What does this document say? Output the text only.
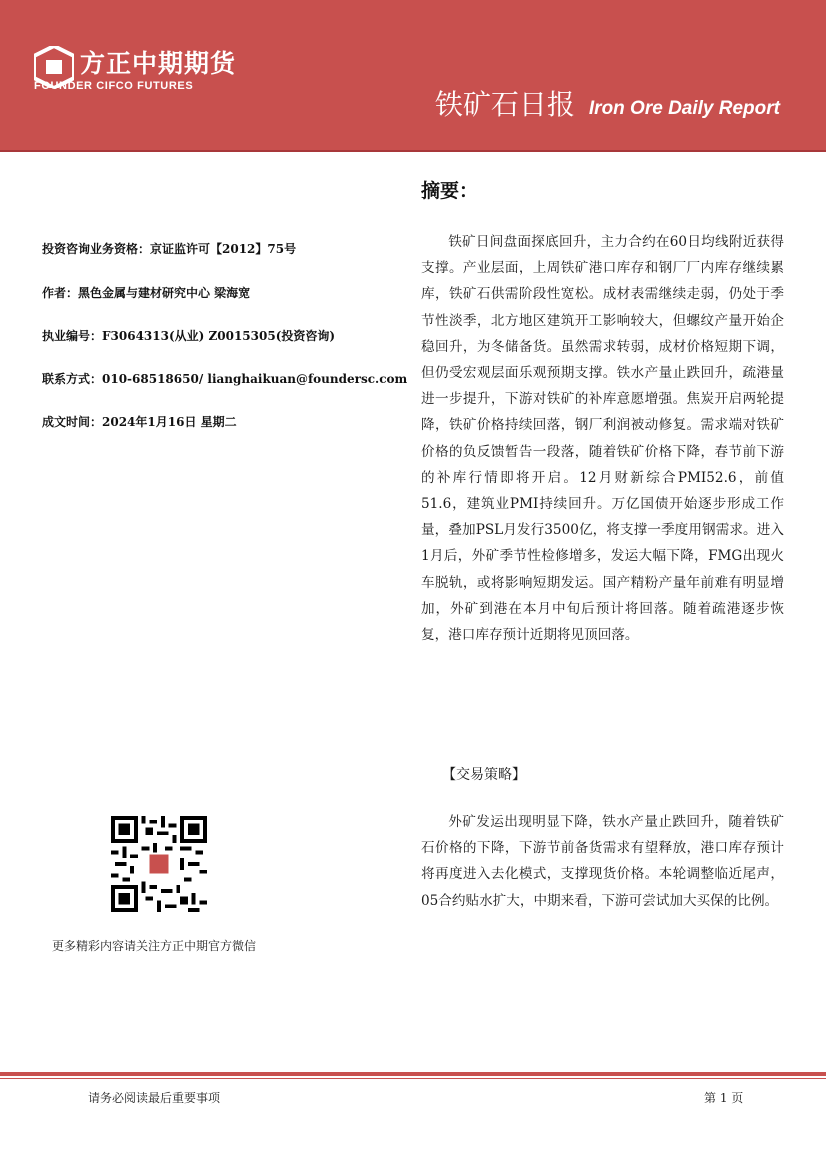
方正中期期货
FOUNDER CIFCO FUTURES
铁矿石日报 Iron Ore Daily Report
摘要：
投资咨询业务资格：京证监许可【2012】75号
作者：黑色金属与建材研究中心 梁海宽
执业编号：F3064313(从业) Z0015305(投资咨询)
联系方式：010-68518650/ lianghaikuan@foundersc.com
成文时间：2024年1月16日 星期二

铁矿日间盘面探底回升，主力合约在60日均线附近获得支撑。产业层面，上周铁矿港口库存和钢厂厂内库存继续累库，铁矿石供需阶段性宽松。成材表需继续走弱，仍处于季节性淡季，北方地区建筑开工影响较大，但螺纹产量开始企稳回升，为冬储备货。虽然需求转弱，成材价格短期下调，但仍受宏观层面乐观预期支撑。铁水产量止跌回升，疏港量进一步提升，下游对铁矿的补库意愿增强。焦炭开启两轮提降，铁矿价格持续回落，钢厂利润被动修复。需求端对铁矿价格的负反馈暂告一段落，随着铁矿价格下降，春节前下游的补库行情即将开启。12月财新综合PMI52.6，前值51.6，建筑业PMI持续回升。万亿国债开始逐步形成工作量，叠加PSL月发行3500亿，将支撑一季度用钢需求。进入1月后，外矿季节性检修增多，发运大幅下降，FMG出现火车脱轨，或将影响短期发运。国产精粉产量年前难有明显增加，外矿到港在本月中旬后预计将回落。随着疏港逐步恢复，港口库存预计近期将见顶回落。

【交易策略】

外矿发运出现明显下降，铁水产量止跌回升，随着铁矿石价格的下降，下游节前备货需求有望释放，港口库存预计将再度进入去化模式，支撑现货价格。本轮调整临近尾声，05合约贴水扩大，中期来看，下游可尝试加大买保的比例。

更多精彩内容请关注方正中期官方微信
请务必阅读最后重要事项	第 1 页
